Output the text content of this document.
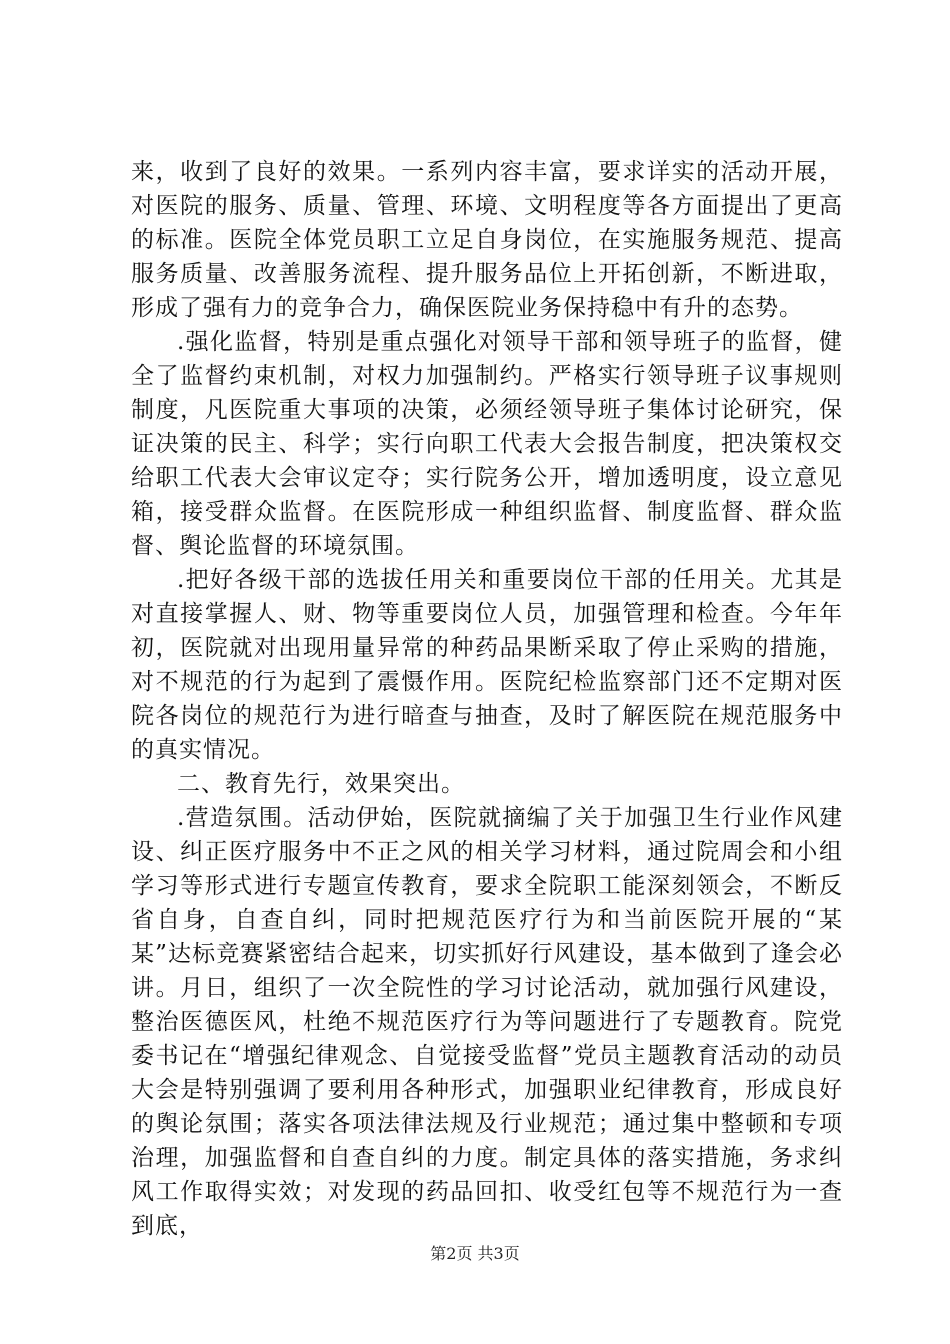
来，收到了良好的效果。一系列内容丰富，要求详实的活动开展，对医院的服务、质量、管理、环境、文明程度等各方面提出了更高的标准。医院全体党员职工立足自身岗位，在实施服务规范、提高服务质量、改善服务流程、提升服务品位上开拓创新，不断进取，形成了强有力的竞争合力，确保医院业务保持稳中有升的态势。

.强化监督，特别是重点强化对领导干部和领导班子的监督，健全了监督约束机制，对权力加强制约。严格实行领导班子议事规则制度，凡医院重大事项的决策，必须经领导班子集体讨论研究，保证决策的民主、科学；实行向职工代表大会报告制度，把决策权交给职工代表大会审议定夺；实行院务公开，增加透明度，设立意见箱，接受群众监督。在医院形成一种组织监督、制度监督、群众监督、舆论监督的环境氛围。

.把好各级干部的选拔任用关和重要岗位干部的任用关。尤其是对直接掌握人、财、物等重要岗位人员，加强管理和检查。今年年初，医院就对出现用量异常的种药品果断采取了停止采购的措施，对不规范的行为起到了震慑作用。医院纪检监察部门还不定期对医院各岗位的规范行为进行暗查与抽查，及时了解医院在规范服务中的真实情况。

二、教育先行，效果突出。

.营造氛围。活动伊始，医院就摘编了关于加强卫生行业作风建设、纠正医疗服务中不正之风的相关学习材料，通过院周会和小组学习等形式进行专题宣传教育，要求全院职工能深刻领会，不断反省自身，自查自纠，同时把规范医疗行为和当前医院开展的“某某”达标竞赛紧密结合起来，切实抓好行风建设，基本做到了逢会必讲。月日，组织了一次全院性的学习讨论活动，就加强行风建设，整治医德医风，杜绝不规范医疗行为等问题进行了专题教育。院党委书记在“增强纪律观念、自觉接受监督”党员主题教育活动的动员大会是特别强调了要利用各种形式，加强职业纪律教育，形成良好的舆论氛围；落实各项法律法规及行业规范；通过集中整顿和专项治理，加强监督和自查自纠的力度。制定具体的落实措施，务求纠风工作取得实效；对发现的药品回扣、收受红包等不规范行为一查到底，

第2页 共3页
